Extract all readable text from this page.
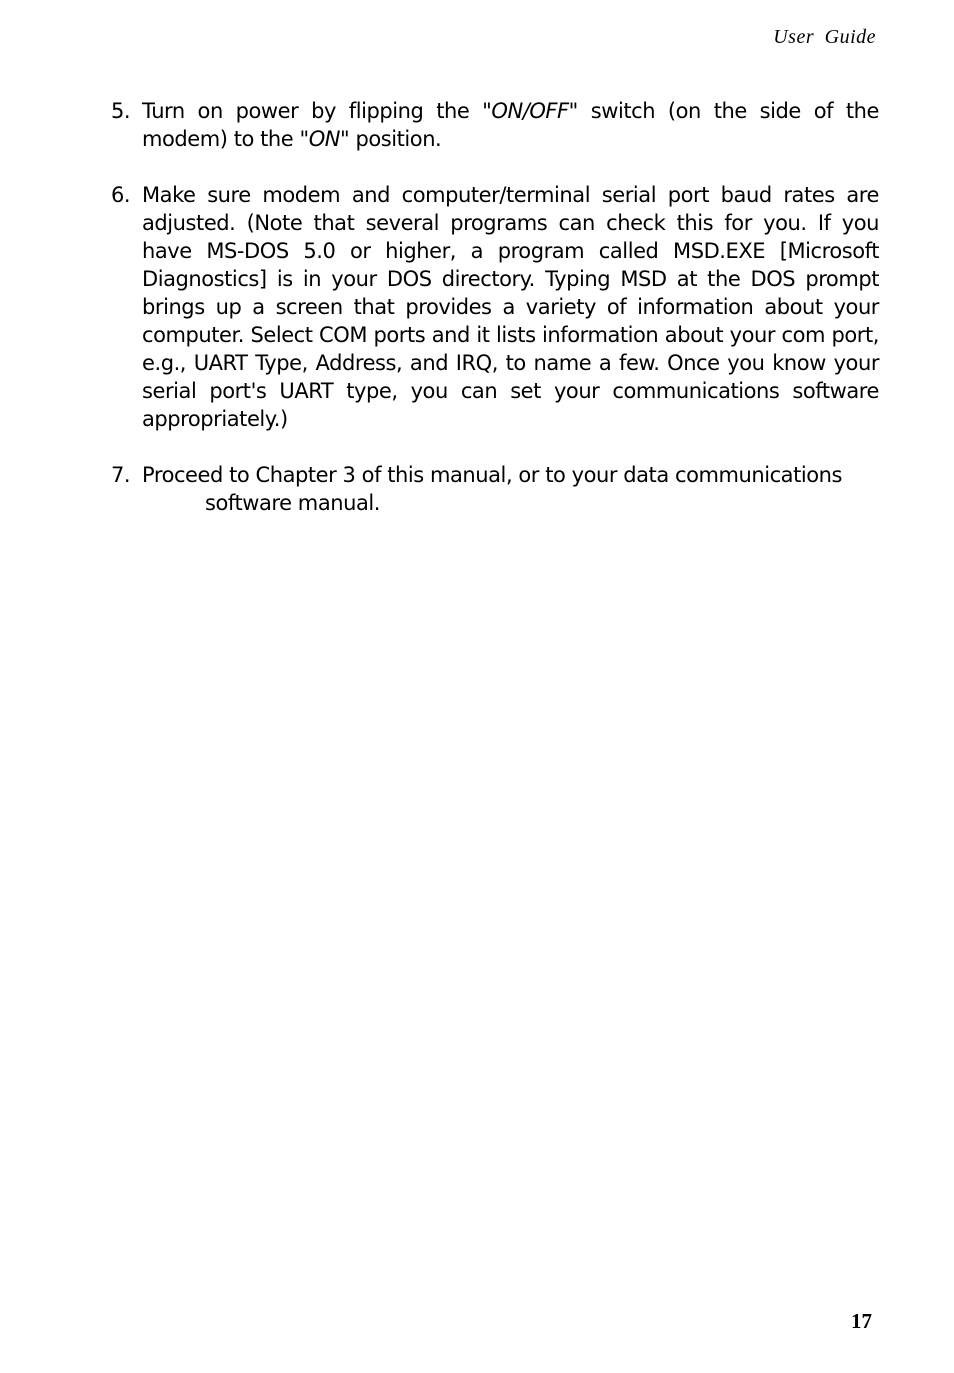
User Guide
5. Turn on power by flipping the "ON/OFF" switch (on the side of the modem) to the "ON" position.
6. Make sure modem and computer/terminal serial port baud rates are adjusted. (Note that several programs can check this for you. If you have MS-DOS 5.0 or higher, a program called MSD.EXE [Microsoft Diagnostics] is in your DOS directory. Typing MSD at the DOS prompt brings up a screen that provides a variety of information about your computer. Select COM ports and it lists information about your com port, e.g., UART Type, Address, and IRQ, to name a few. Once you know your serial port's UART type, you can set your communications software appropriately.)
7. Proceed to Chapter 3 of this manual, or to your data communications
software manual.
17
